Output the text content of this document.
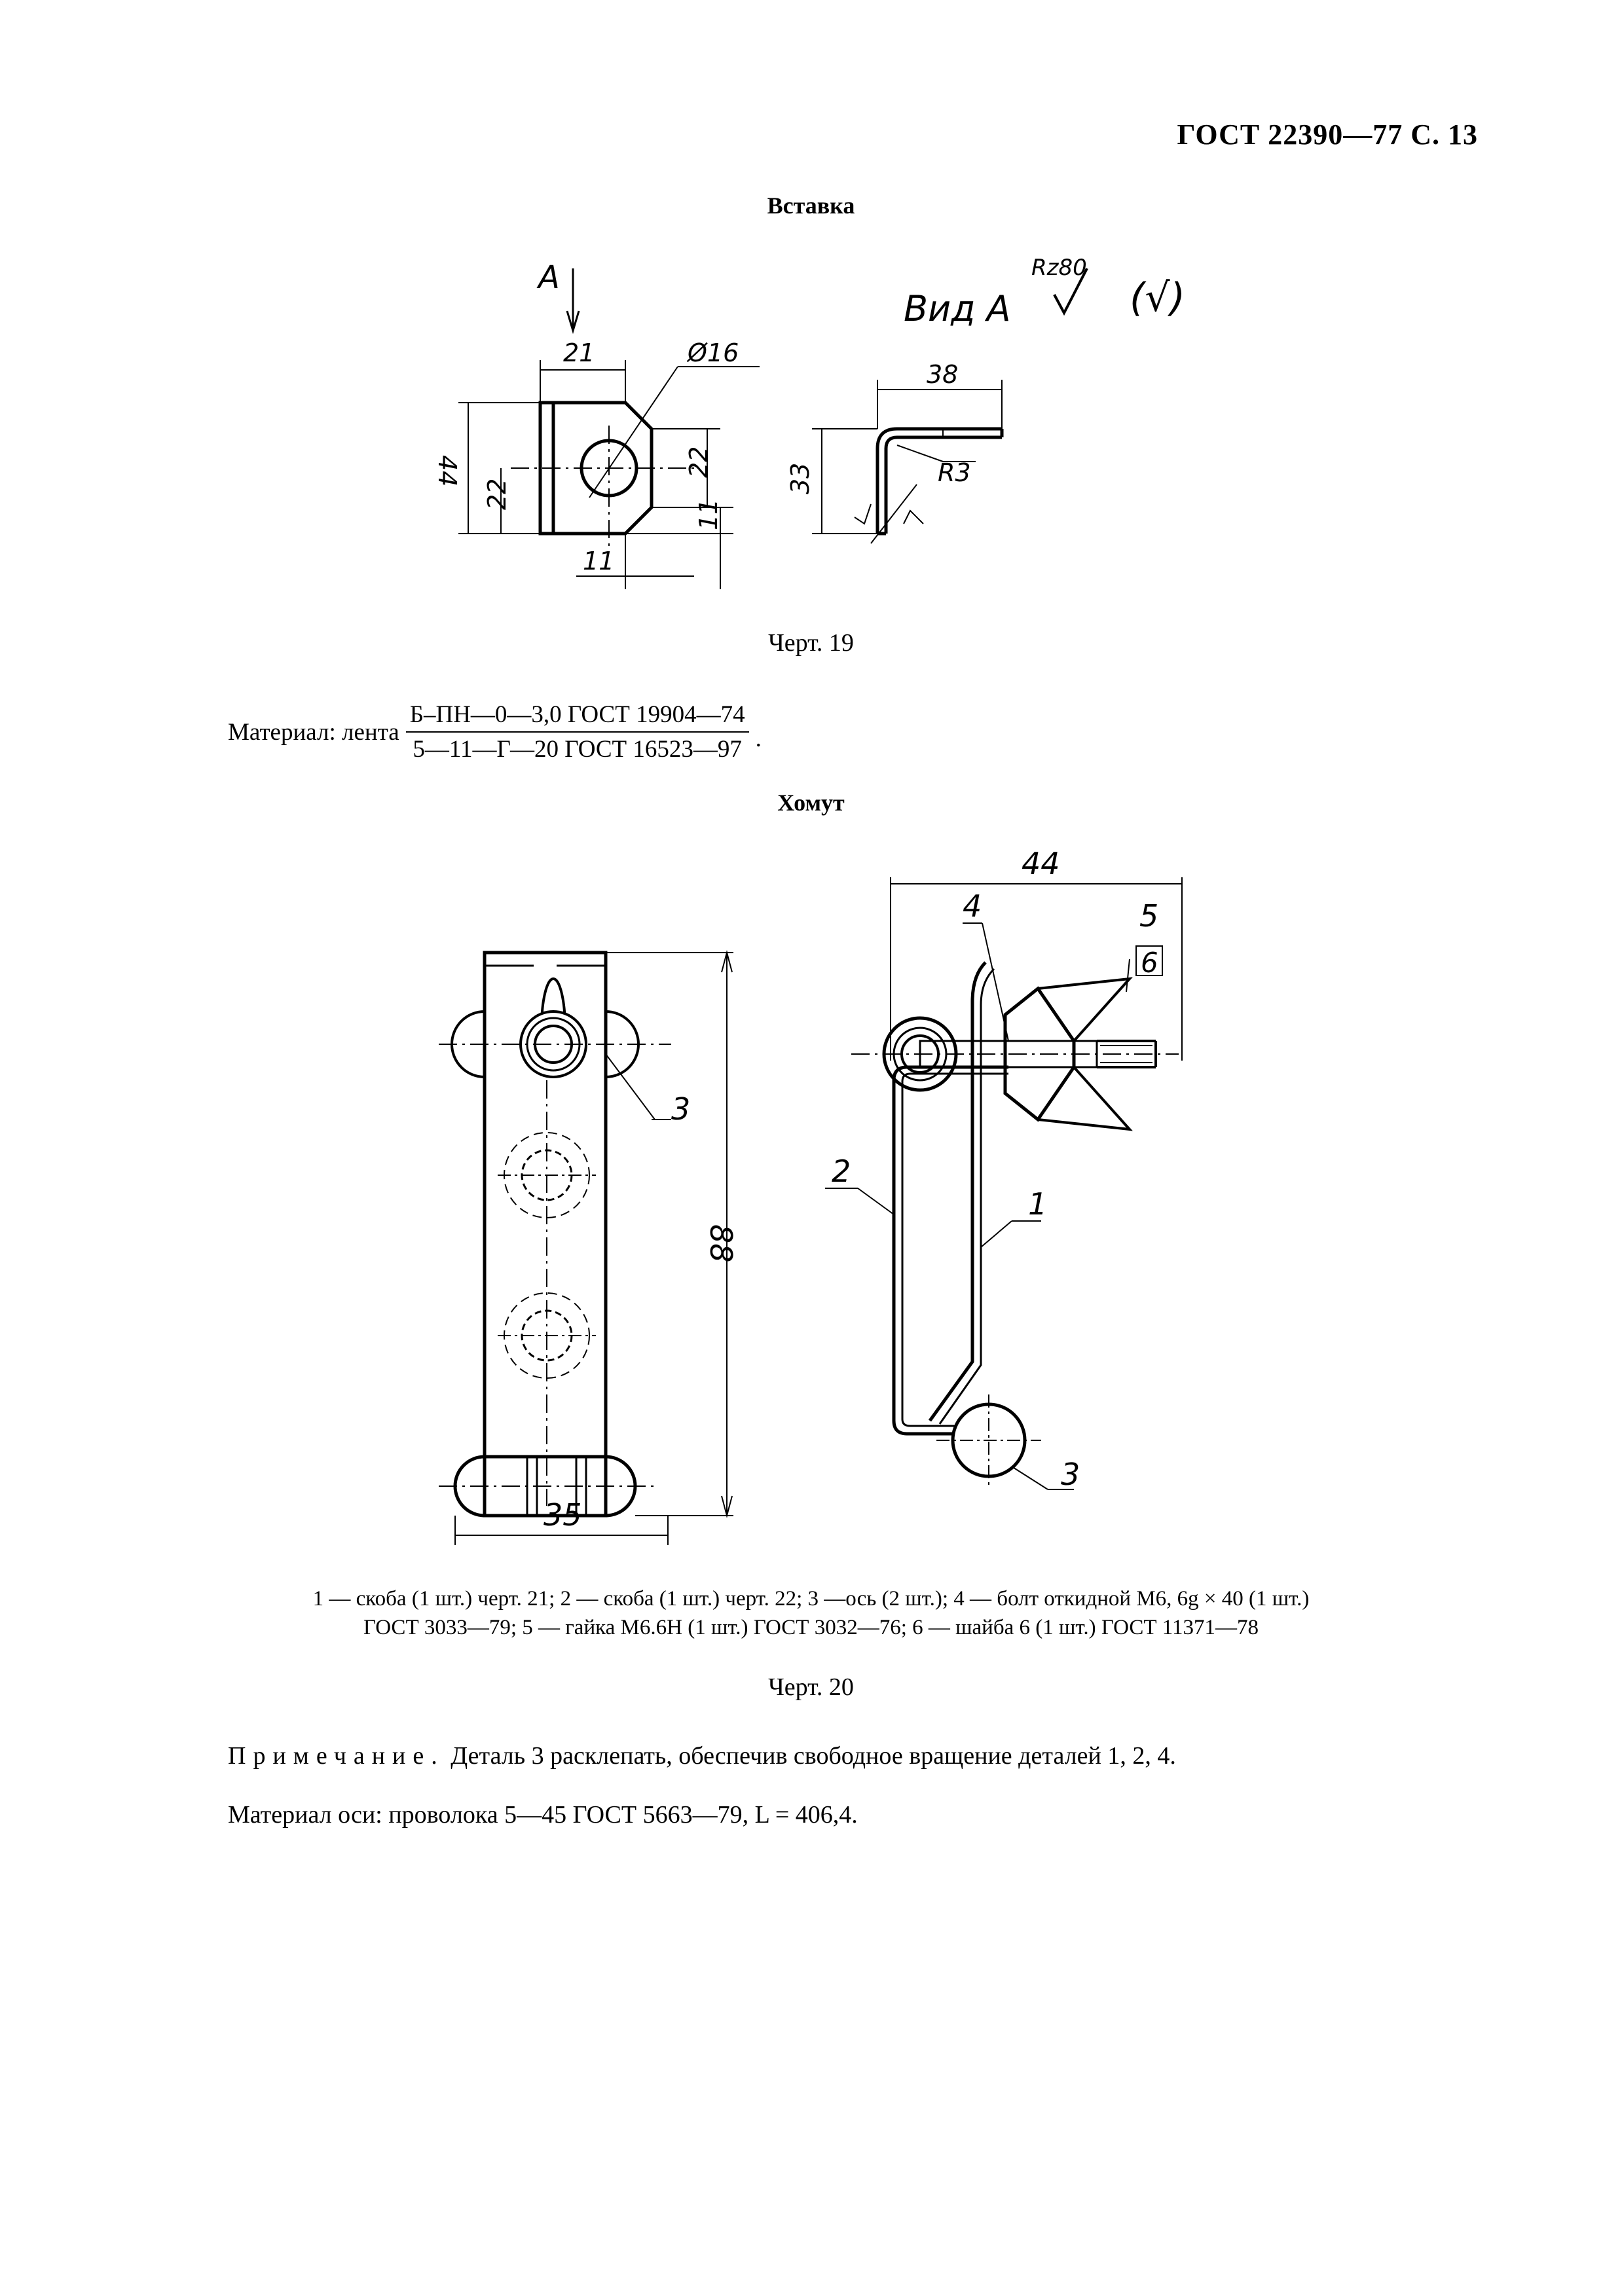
ГОСТ 22390—77 С. 13
Вставка
А
21	Ø16
44
22
22
11
11
Вид А
Rz80
(√)
38
33	R3
Черт. 19
Материал: лента $\frac{\text{Б–ПН—0—3,0 ГОСТ 19904—74}}{\text{5—11—Г—20 ГОСТ 16523—97}}$ .
Хомут
3
88
35
44
2
1
4	5
6
3
1 — скоба (1 шт.) черт. 21; 2 — скоба (1 шт.) черт. 22; 3 —ось (2 шт.); 4 — болт откидной М6, 6g × 40 (1 шт.)
ГОСТ 3033—79; 5 — гайка М6.6Н (1 шт.) ГОСТ 3032—76; 6 — шайба 6 (1 шт.) ГОСТ 11371—78
Черт. 20
Примечание. Деталь 3 расклепать, обеспечив свободное вращение деталей 1, 2, 4.
Материал оси: проволока 5—45 ГОСТ 5663—79, L = 406,4.
